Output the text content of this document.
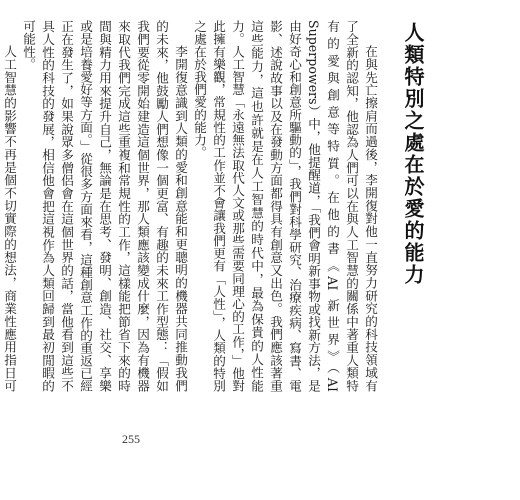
人類特別之處在於愛的能力

在與先亡擦肩而過後，李開復對他一直努力研究的科技領域有了全新的認知，他認為人們可以在與人工智慧的關係中著重人類特有的愛與創意等特質。在他的書《AI 新世界》（AI Superpowers）中，他提醒道，「我們會明新事物或找新方法，是由好奇心和創意所驅動的」，我們對科學研究、治療疾病、寫書、電影、述說故事以及在發動方面都得具有創意又出色。我們應該著重這些能力，這也許就是在人工智慧的時代中，最為保貴的人性能力。人工智慧「永遠無法取代人文或那些需要同理心的工作，」他對此擁有樂觀，常規性的工作並不會讓我們更有「人性」，人類的特別之處在於我們愛的能力。

李開復意識到人類的愛和創意能和更聰明的機器共同推動我們的未來，他鼓勵人們想像一個更富、有趣的未來工作型態：「假如我們要從零開始建造這個世界，那人類應該變成什麼，因為有機器來取代我們完成這些重複和常規性的工作，這樣能把節省下來的時間與精力用來提升自己，無論是在思考、發明、創造、社交、享樂或是培養愛好等方面。」從很多方面來看，這種創意工作的重返已經正在發生了，如果說眾多僧侶會在這個世界的話，當他看到這些不具人性的科技的發展，相信他會把這視作為人類回歸到最初閒暇的可能性。

人工智慧的影響不再是個不切實際的想法，商業性應用指日可

255
